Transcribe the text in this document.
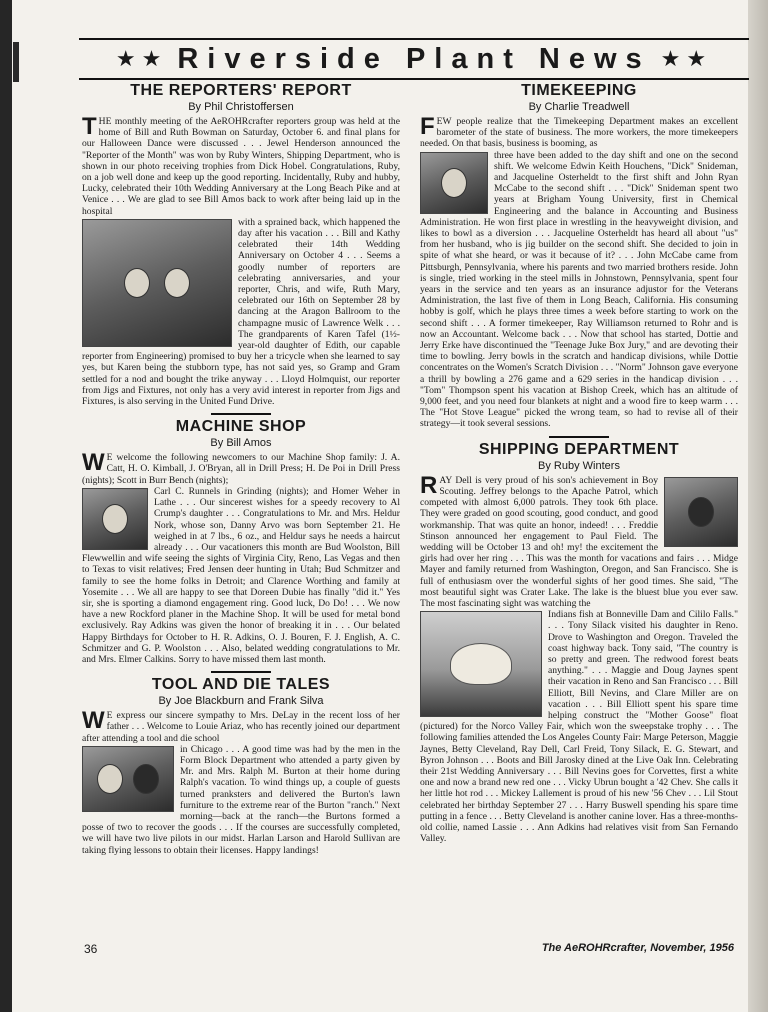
★★ Riverside Plant News ★★
THE REPORTERS' REPORT
By Phil Christoffersen

THE monthly meeting of the AeROHRcrafter reporters group was held at the home of Bill and Ruth Bowman on Saturday, October 6. and final plans for our Halloween Dance were discussed . . . Jewel Henderson announced the "Reporter of the Month" was won by Ruby Winters, Shipping Department, who is shown in our photo receiving trophies from Dick Hobel. Congratulations, Ruby, on a job well done and keep up the good reporting. Incidentally, Ruby and hubby, Lucky, celebrated their 10th Wedding Anniversary at the Long Beach Pike and at Venice . . . We are glad to see Bill Amos back to work after being laid up in the hospital

with a sprained back, which happened the day after his vacation . . . Bill and Kathy celebrated their 14th Wedding Anniversary on October 4 . . . Seems a goodly number of reporters are celebrating anniversaries, and your reporter, Chris, and wife, Ruth Mary, celebrated our 16th on September 28 by dancing at the Aragon Ballroom to the champagne music of Lawrence Welk . . . The grandparents of Karen Tafel (1½-year-old daughter of Edith, our capable reporter from Engineering) promised to buy her a tricycle when she learned to say yes, but Karen being the stubborn type, has not said yes, so Gramp and Gram settled for a nod and bought the trike anyway . . . Lloyd Holmquist, our reporter from Jigs and Fixtures, not only has a very avid interest in reporter from Jigs and Fixtures, is also serving in the United Fund Drive.

MACHINE SHOP
By Bill Amos

W E welcome the following newcomers to our Machine Shop family: J. A. Catt, H. O. Kimball, J. O'Bryan, all in Drill Press; H. De Poi in Drill Press (nights); Scott in Burr Bench (nights);

Carl C. Runnels in Grinding (nights); and Homer Weher in Lathe . . . Our sincerest wishes for a speedy recovery to Al Crump's daughter . . . Congratulations to Mr. and Mrs. Heldur Nork, whose son, Danny Arvo was born September 21. He weighed in at 7 lbs., 6 oz., and Heldur says he needs a haircut already . . . Our vacationers this month are Bud Woolston, Bill Flewwellin and wife seeing the sights of Virginia City, Reno, Las Vegas and then to Texas to visit relatives; Fred Jensen deer hunting in Utah; Bud Schmitzer and family to see the home folks in Detroit; and Clarence Worthing and family at Yosemite . . . We all are happy to see that Doreen Dubie has finally "did it." Yes sir, she is sporting a diamond engagement ring. Good luck, Do Do! . . . We now have a new Rockford planer in the Machine Shop. It will be used for metal bond exclusively. Ray Adkins was given the honor of breaking it in . . . Our belated Happy Birthdays for October to H. R. Adkins, O. J. Bouren, F. J. English, A. C. Schmitzer and G. P. Woolston . . . Also, belated wedding congratulations to Mr. and Mrs. Elmer Calkins. Sorry to have missed them last month.

TOOL AND DIE TALES
By Joe Blackburn and Frank Silva

W E express our sincere sympathy to Mrs. DeLay in the recent loss of her father . . . Welcome to Louie Ariaz, who has recently joined our department after attending a tool and die school

in Chicago . . . A good time was had by the men in the Form Block Department who attended a party given by Mr. and Mrs. Ralph M. Burton at their home during Ralph's vacation. To wind things up, a couple of guests turned pranksters and delivered the Burton's lawn furniture to the extreme rear of the Burton "ranch." Next morning—back at the ranch—the Burtons formed a posse of two to recover the goods . . . If the courses are successfully completed, we will have two live pilots in our midst. Harlan Larson and Harold Sullivan are taking flying lessons to obtain their licenses. Happy landings!

TIMEKEEPING
By Charlie Treadwell

FEW people realize that the Timekeeping Department makes an excellent barometer of the state of business. The more workers, the more timekeepers needed. On that basis, business is booming, as

three have been added to the day shift and one on the second shift. We welcome Edwin Keith Houchens, "Dick" Snideman, and Jacqueline Osterheldt to the first shift and John Ryan McCabe to the second shift . . . "Dick" Snideman spent two years at Brigham Young University, first in Chemical Engineering and the balance in Accounting and Business Administration. He won first place in wrestling in the heavyweight division, and likes to bowl as a diversion . . . Jacqueline Osterheldt has heard all about "us" from her husband, who is jig builder on the second shift. She decided to join in spite of what she heard, or was it because of it? . . . John McCabe came from Pittsburgh, Pennsylvania, where his parents and two married brothers reside. John is single, tried working in the steel mills in Johnstown, Pennsylvania, spent four years in the service and ten years as an insurance adjustor for the Veterans Administration, the last five of them in Long Beach, California. His consuming hobby is golf, which he plays three times a week before starting to work on the second shift . . . A former timekeeper, Ray Williamson returned to Rohr and is now an Accountant. Welcome back . . . Now that school has started, Dottie and Jerry Erke have discontinued the "Teenage Juke Box Jury," and are devoting their time to bowling. Jerry bowls in the scratch and handicap divisions, while Dottie concentrates on the Women's Scratch Division . . . "Norm" Johnson gave everyone a thrill by bowling a 276 game and a 629 series in the handicap division . . . "Tom" Thompson spent his vacation at Bishop Creek, which has an altitude of 9,000 feet, and you need four blankets at night and a wood fire to keep warm . . . The "Hot Stove League" picked the wrong team, so had to revise all of their strategy—it took several sessions.

SHIPPING DEPARTMENT
By Ruby Winters

RAY Dell is very proud of his son's achievement in Boy Scouting. Jeffrey belongs to the Apache Patrol, which competed with almost 6,000 patrols. They took 6th place. They were graded on good scouting, good conduct, and good workmanship. That was quite an honor, indeed! . . . Freddie Stinson announced her engagement to Paul Field. The wedding will be October 13 and oh! my! the excitement the girls had over her ring . . . This was the month for vacations and fairs . . . Midge Mayer and family returned from Washington, Oregon, and San Francisco. She is full of enthusiasm over the wonderful sights of her good times. She said, "The most beautiful sight was Crater Lake. The lake is the bluest blue you ever saw. The most fascinating sight was watching the

Indians fish at Bonneville Dam and Cililo Falls." . . . Tony Silack visited his daughter in Reno. Drove to Washington and Oregon. Traveled the coast highway back. Tony said, "The country is so pretty and green. The redwood forest beats anything." . . . Maggie and Doug Jaynes spent their vacation in Reno and San Francisco . . . Bill Elliott, Bill Nevins, and Clare Miller are on vacation . . . Bill Elliott spent his spare time helping construct the "Mother Goose" float (pictured) for the Norco Valley Fair, which won the sweepstake trophy . . . The following families attended the Los Angeles County Fair: Marge Peterson, Maggie Jaynes, Betty Cleveland, Ray Dell, Carl Freid, Tony Silack, E. G. Stewart, and Byron Johnson . . . Boots and Bill Jarosky dined at the Live Oak Inn. Celebrating their 21st Wedding Anniversary . . . Bill Nevins goes for Corvettes, first a white one and now a brand new red one . . . Vicky Ubrun bought a '42 Chev. She calls it her little hot rod . . . Mickey Lallement is proud of his new '56 Chev . . . Lil Stout celebrated her birthday September 27 . . . Harry Buswell spending his spare time putting in a fence . . . Betty Cleveland is another canine lover. Has a three-months-old collie, named Lassie . . . Ann Adkins had relatives visit from San Fernando Valley.

36	The AeROHRcrafter, November, 1956
